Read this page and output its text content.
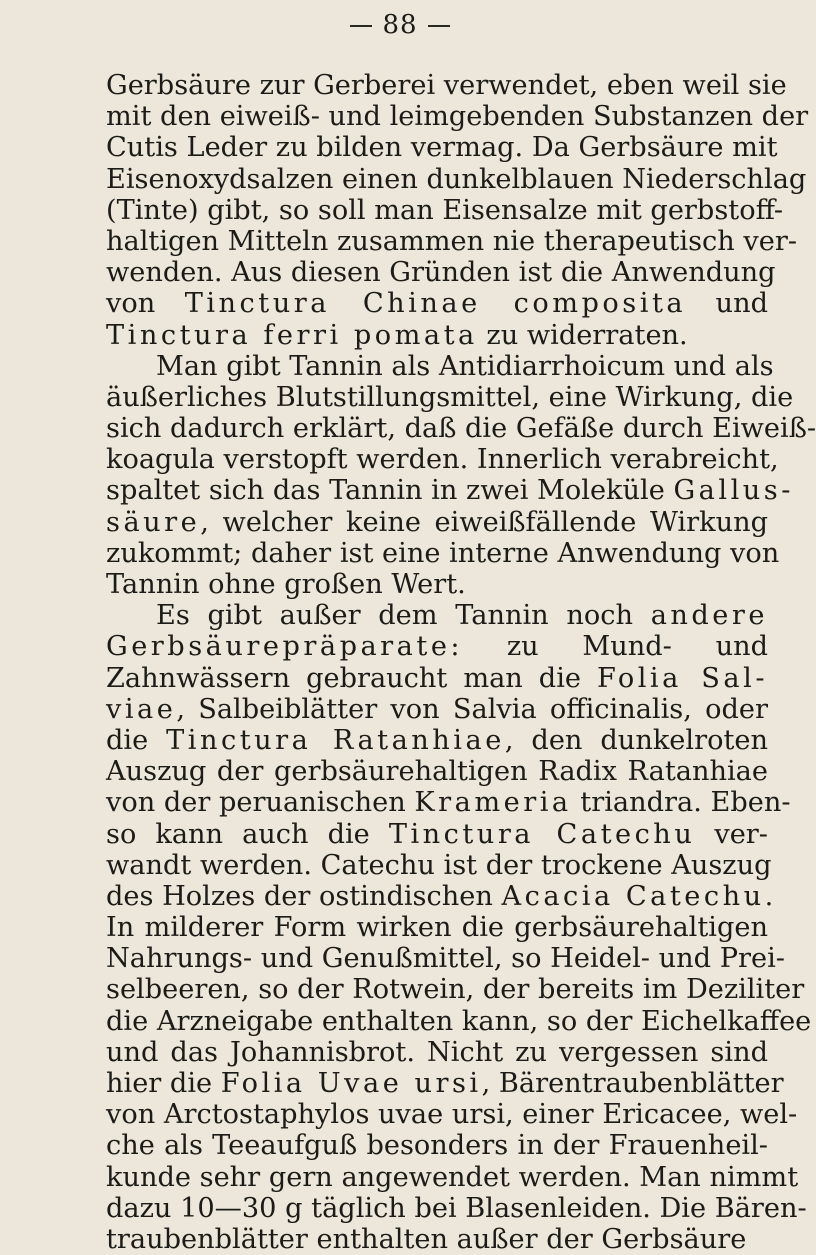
88
Gerbsäure zur Gerberei verwendet, eben weil sie
mit den eiweiß- und leimgebenden Substanzen der
Cutis Leder zu bilden vermag. Da Gerbsäure mit
Eisenoxydsalzen einen dunkelblauen Niederschlag
(Tinte) gibt, so soll man Eisensalze mit gerbstoff-
haltigen Mitteln zusammen nie therapeutisch ver-
wenden. Aus diesen Gründen ist die Anwendung
von Tinctura Chinae composita und
Tinctura ferri pomata zu widerraten.
Man gibt Tannin als Antidiarrhoicum und als
äußerliches Blutstillungsmittel, eine Wirkung, die
sich dadurch erklärt, daß die Gefäße durch Eiweiß-
koagula verstopft werden. Innerlich verabreicht,
spaltet sich das Tannin in zwei Moleküle Gallus-
säure, welcher keine eiweißfällende Wirkung
zukommt; daher ist eine interne Anwendung von
Tannin ohne großen Wert.
Es gibt außer dem Tannin noch andere
Gerbsäurepräparate: zu Mund- und
Zahnwässern gebraucht man die Folia Sal-
viae, Salbeiblätter von Salvia officinalis, oder
die Tinctura Ratanhiae, den dunkelroten
Auszug der gerbsäurehaltigen Radix Ratanhiae
von der peruanischen Krameria triandra. Eben-
so kann auch die Tinctura Catechu ver-
wandt werden. Catechu ist der trockene Auszug
des Holzes der ostindischen Acacia Catechu.
In milderer Form wirken die gerbsäurehaltigen
Nahrungs- und Genußmittel, so Heidel- und Prei-
selbeeren, so der Rotwein, der bereits im Deziliter
die Arzneigabe enthalten kann, so der Eichelkaffee
und das Johannisbrot. Nicht zu vergessen sind
hier die Folia Uvae ursi, Bärentraubenblätter
von Arctostaphylos uvae ursi, einer Ericacee, wel-
che als Teeaufguß besonders in der Frauenheil-
kunde sehr gern angewendet werden. Man nimmt
dazu 10—30 g täglich bei Blasenleiden. Die Bären-
traubenblätter enthalten außer der Gerbsäure
